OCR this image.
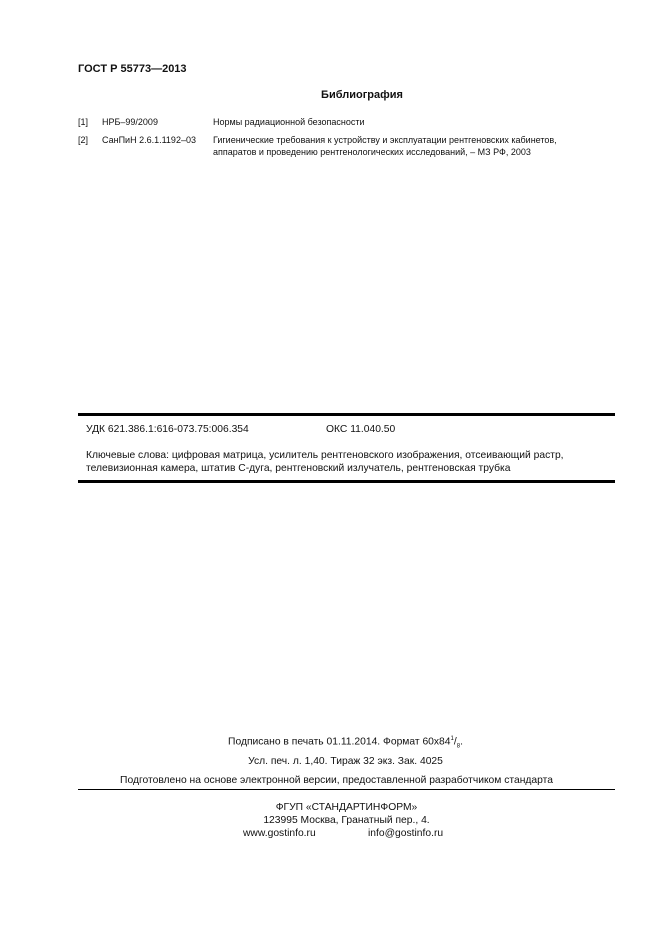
ГОСТ Р 55773—2013
Библиография
[1] НРБ–99/2009	Нормы радиационной безопасности
[2] СанПиН 2.6.1.1192–03 Гигиенические требования к устройству и эксплуатации рентгеновских кабинетов,
аппаратов и проведению рентгенологических исследований, – МЗ РФ, 2003
УДК 621.386.1:616-073.75:006.354	ОКС 11.040.50
Ключевые слова: цифровая матрица, усилитель рентгеновского изображения, отсеивающий растр,
телевизионная камера, штатив С-дуга, рентгеновский излучатель, рентгеновская трубка
Подписано в печать 01.11.2014. Формат $60х84^1/_8$.
Усл. печ. л. 1,40. Тираж 32 экз. Зак. 4025
Подготовлено на основе электронной версии, предоставленной разработчиком стандарта
ФГУП «СТАНДАРТИНФОРМ»
123995 Москва, Гранатный пер., 4.
www.gostinfo.ru	info@gostinfo.ru
